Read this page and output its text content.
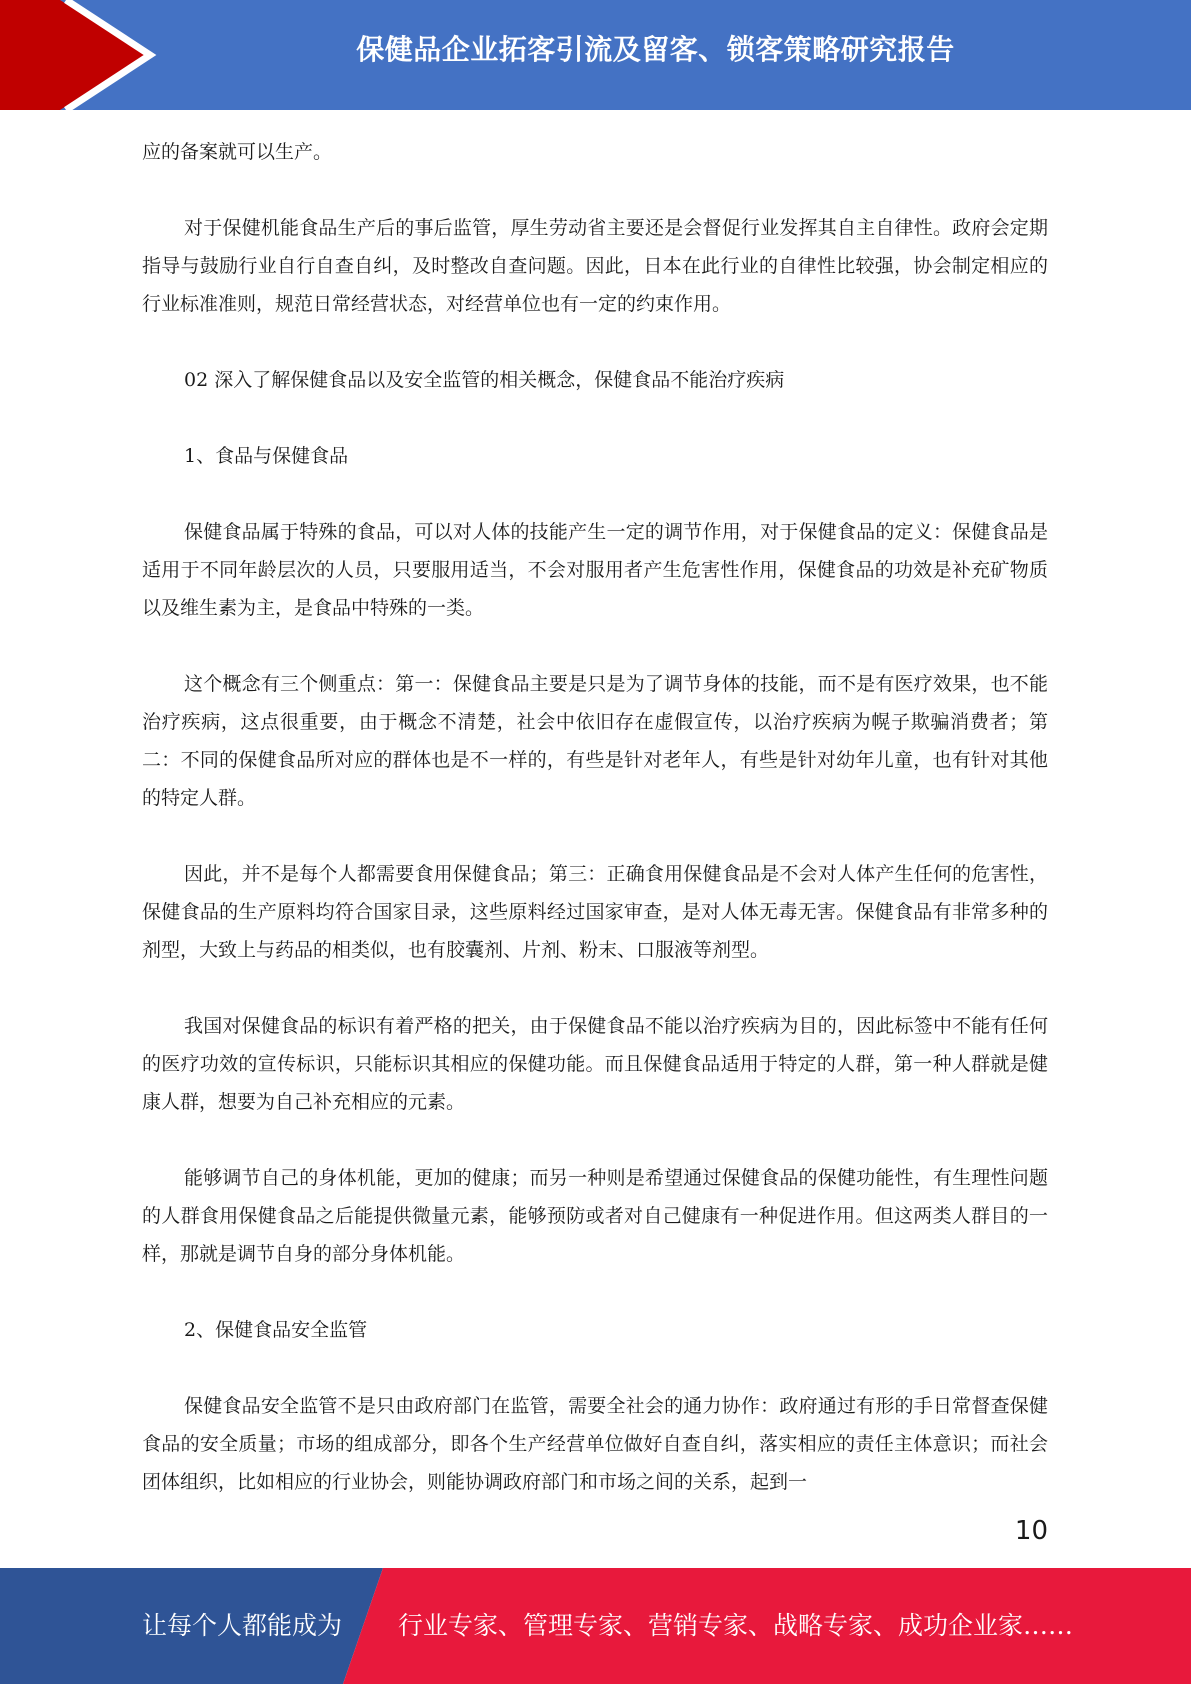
保健品企业拓客引流及留客、锁客策略研究报告

应的备案就可以生产。

对于保健机能食品生产后的事后监管，厚生劳动省主要还是会督促行业发挥其自主自律性。政府会定期指导与鼓励行业自行自查自纠，及时整改自查问题。因此，日本在此行业的自律性比较强，协会制定相应的行业标准准则，规范日常经营状态，对经营单位也有一定的约束作用。

02 深入了解保健食品以及安全监管的相关概念，保健食品不能治疗疾病

1、食品与保健食品

保健食品属于特殊的食品，可以对人体的技能产生一定的调节作用，对于保健食品的定义：保健食品是适用于不同年龄层次的人员，只要服用适当，不会对服用者产生危害性作用，保健食品的功效是补充矿物质以及维生素为主，是食品中特殊的一类。

这个概念有三个侧重点：第一：保健食品主要是只是为了调节身体的技能，而不是有医疗效果，也不能治疗疾病，这点很重要，由于概念不清楚，社会中依旧存在虚假宣传，以治疗疾病为幌子欺骗消费者；第二：不同的保健食品所对应的群体也是不一样的，有些是针对老年人，有些是针对幼年儿童，也有针对其他的特定人群。

因此，并不是每个人都需要食用保健食品；第三：正确食用保健食品是不会对人体产生任何的危害性，保健食品的生产原料均符合国家目录，这些原料经过国家审查，是对人体无毒无害。保健食品有非常多种的剂型，大致上与药品的相类似，也有胶囊剂、片剂、粉末、口服液等剂型。

我国对保健食品的标识有着严格的把关，由于保健食品不能以治疗疾病为目的，因此标签中不能有任何的医疗功效的宣传标识，只能标识其相应的保健功能。而且保健食品适用于特定的人群，第一种人群就是健康人群，想要为自己补充相应的元素。

能够调节自己的身体机能，更加的健康；而另一种则是希望通过保健食品的保健功能性，有生理性问题的人群食用保健食品之后能提供微量元素，能够预防或者对自己健康有一种促进作用。但这两类人群目的一样，那就是调节自身的部分身体机能。

2、保健食品安全监管

保健食品安全监管不是只由政府部门在监管，需要全社会的通力协作：政府通过有形的手日常督查保健食品的安全质量；市场的组成部分，即各个生产经营单位做好自查自纠，落实相应的责任主体意识；而社会团体组织，比如相应的行业协会，则能协调政府部门和市场之间的关系，起到一

10
让每个人都能成为 行业专家、管理专家、营销专家、战略专家、成功企业家……
